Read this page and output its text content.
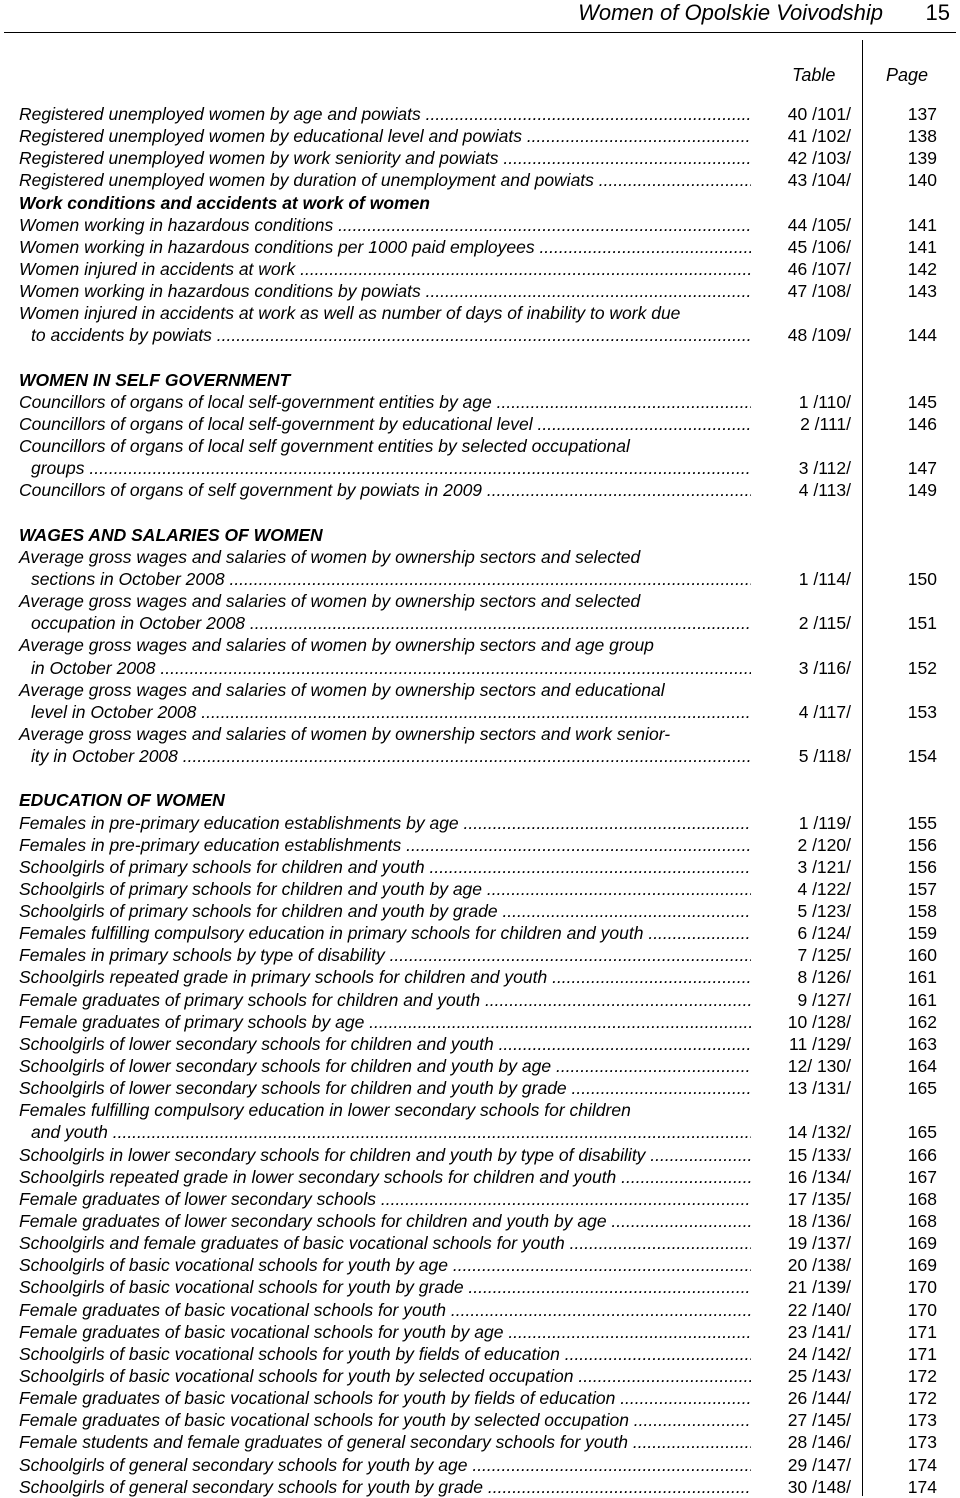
Women of Opolskie Voivodship 15
Table	Page
Registered unemployed women by age and powiats .....	40 /101/	137
Registered unemployed women by educational level and powiats .....	41 /102/	138
Registered unemployed women by work seniority and powiats .....	42 /103/	139
Registered unemployed women by duration of unemployment and powiats .....	43 /104/	140
Work conditions and accidents at work of women
Women working in hazardous conditions .....	44 /105/	141
Women working in hazardous conditions per 1000 paid employees .....	45 /106/	141
Women injured in accidents at work .....	46 /107/	142
Women working in hazardous conditions by powiats .....	47 /108/	143
Women injured in accidents at work as well as number of days of inability to work due
to accidents by powiats .....	48 /109/	144
WOMEN IN SELF GOVERNMENT
Councillors of organs of local self-government entities by age .....	1 /110/	145
Councillors of organs of local self-government by educational level .....	2 /111/	146
Councillors of organs of local self government entities by selected occupational
groups .....	3 /112/	147
Councillors of organs of self government by powiats in 2009 .....	4 /113/	149
WAGES AND SALARIES OF WOMEN
Average gross wages and salaries of women by ownership sectors and selected
sections in October 2008 .....	1 /114/	150
Average gross wages and salaries of women by ownership sectors and selected
occupation in October 2008 .....	2 /115/	151
Average gross wages and salaries of women by ownership sectors and age group
in October 2008 .....	3 /116/	152
Average gross wages and salaries of women by ownership sectors and educational
level in October 2008 .....	4 /117/	153
Average gross wages and salaries of women by ownership sectors and work senior-
ity in October 2008 .....	5 /118/	154
EDUCATION OF WOMEN
Females in pre-primary education establishments by age .....	1 /119/	155
Females in pre-primary education establishments .....	2 /120/	156
Schoolgirls of primary schools for children and youth .....	3 /121/	156
Schoolgirls of primary schools for children and youth by age .....	4 /122/	157
Schoolgirls of primary schools for children and youth by grade .....	5 /123/	158
Females fulfilling compulsory education in primary schools for children and youth .....	6 /124/	159
Females in primary schools by type of disability .....	7 /125/	160
Schoolgirls repeated grade in primary schools for children and youth .....	8 /126/	161
Female graduates of primary schools for children and youth .....	9 /127/	161
Female graduates of primary schools by age .....	10 /128/	162
Schoolgirls of lower secondary schools for children and youth .....	11 /129/	163
Schoolgirls of lower secondary schools for children and youth by age .....	12/ 130/	164
Schoolgirls of lower secondary schools for children and youth by grade .....	13 /131/	165
Females fulfilling compulsory education in lower secondary schools for children
and youth .....	14 /132/	165
Schoolgirls in lower secondary schools for children and youth by type of disability .....	15 /133/	166
Schoolgirls repeated grade in lower secondary schools for children and youth .....	16 /134/	167
Female graduates of lower secondary schools .....	17 /135/	168
Female graduates of lower secondary schools for children and youth by age .....	18 /136/	168
Schoolgirls and female graduates of basic vocational schools for youth .....	19 /137/	169
Schoolgirls of basic vocational schools for youth by age .....	20 /138/	169
Schoolgirls of basic vocational schools for youth by grade .....	21 /139/	170
Female graduates of basic vocational schools for youth .....	22 /140/	170
Female graduates of basic vocational schools for youth by age .....	23 /141/	171
Schoolgirls of basic vocational schools for youth by fields of education .....	24 /142/	171
Schoolgirls of basic vocational schools for youth by selected occupation .....	25 /143/	172
Female graduates of basic vocational schools for youth by fields of education .....	26 /144/	172
Female graduates of basic vocational schools for youth by selected occupation .....	27 /145/	173
Female students and female graduates of general secondary schools for youth .....	28 /146/	173
Schoolgirls of general secondary schools for youth by age .....	29 /147/	174
Schoolgirls of general secondary schools for youth by grade .....	30 /148/	174
